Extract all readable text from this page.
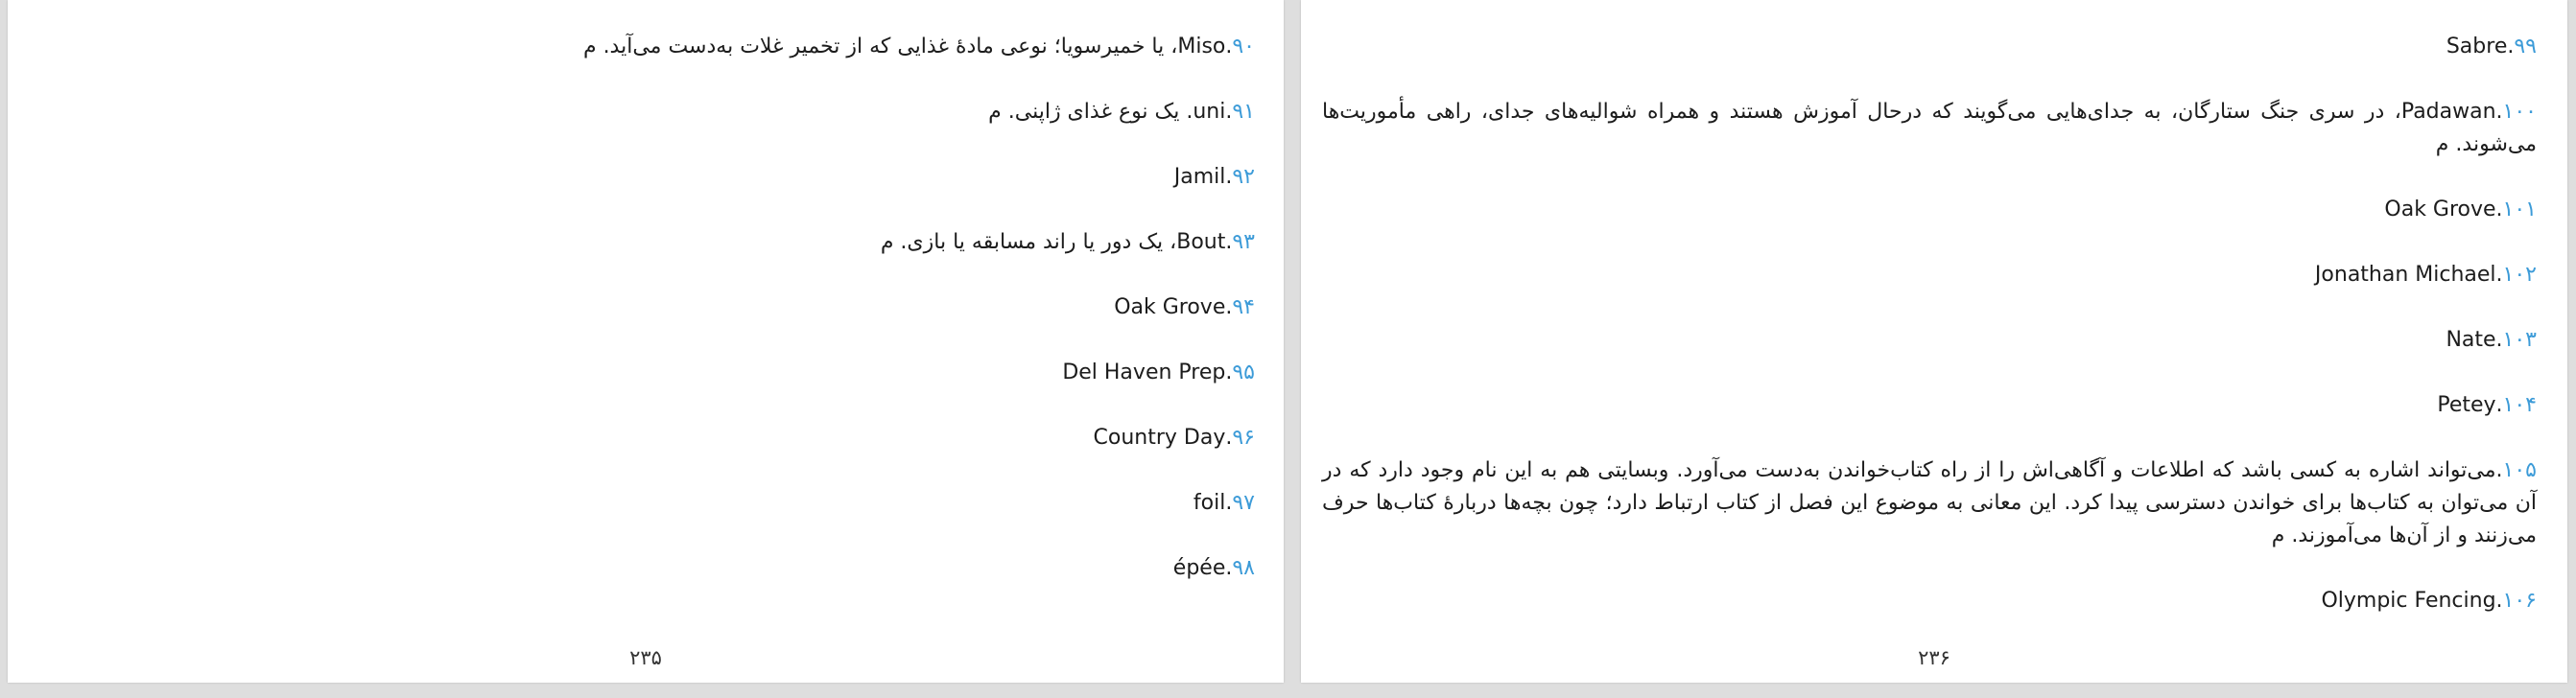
۹۰.Miso، یا خمیرسویا؛ نوعی مادهٔ غذایی که از تخمیر غلات به‌دست می‌آید. م

۹۱.uni. یک نوع غذای ژاپنی. م

۹۲.Jamil

۹۳.Bout، یک دور یا راند مسابقه یا بازی. م

۹۴.Oak Grove

۹۵.Del Haven Prep

۹۶.Country Day

۹۷.foil

۹۸.épée

۲۳۵

۹۹.Sabre

۱۰۰.Padawan، در سری جنگ ستارگان، به جدای‌هایی می‌گویند که درحال آموزش هستند و همراه شوالیه‌های جدای، راهی مأموریت‌ها می‌شوند. م

۱۰۱.Oak Grove

۱۰۲.Jonathan Michael

۱۰۳.Nate

۱۰۴.Petey

۱۰۵.می‌تواند اشاره به کسی باشد که اطلاعات و آگاهی‌اش را از راه کتاب‌خواندن به‌دست می‌آورد. وبسایتی هم به این نام وجود دارد که در آن می‌توان به کتاب‌ها برای خواندن دسترسی پیدا کرد. این معانی به موضوع این فصل از کتاب ارتباط دارد؛ چون بچه‌ها دربارهٔ کتاب‌ها حرف می‌زنند و از آن‌ها می‌آموزند. م

۱۰۶.Olympic Fencing

۲۳۶
